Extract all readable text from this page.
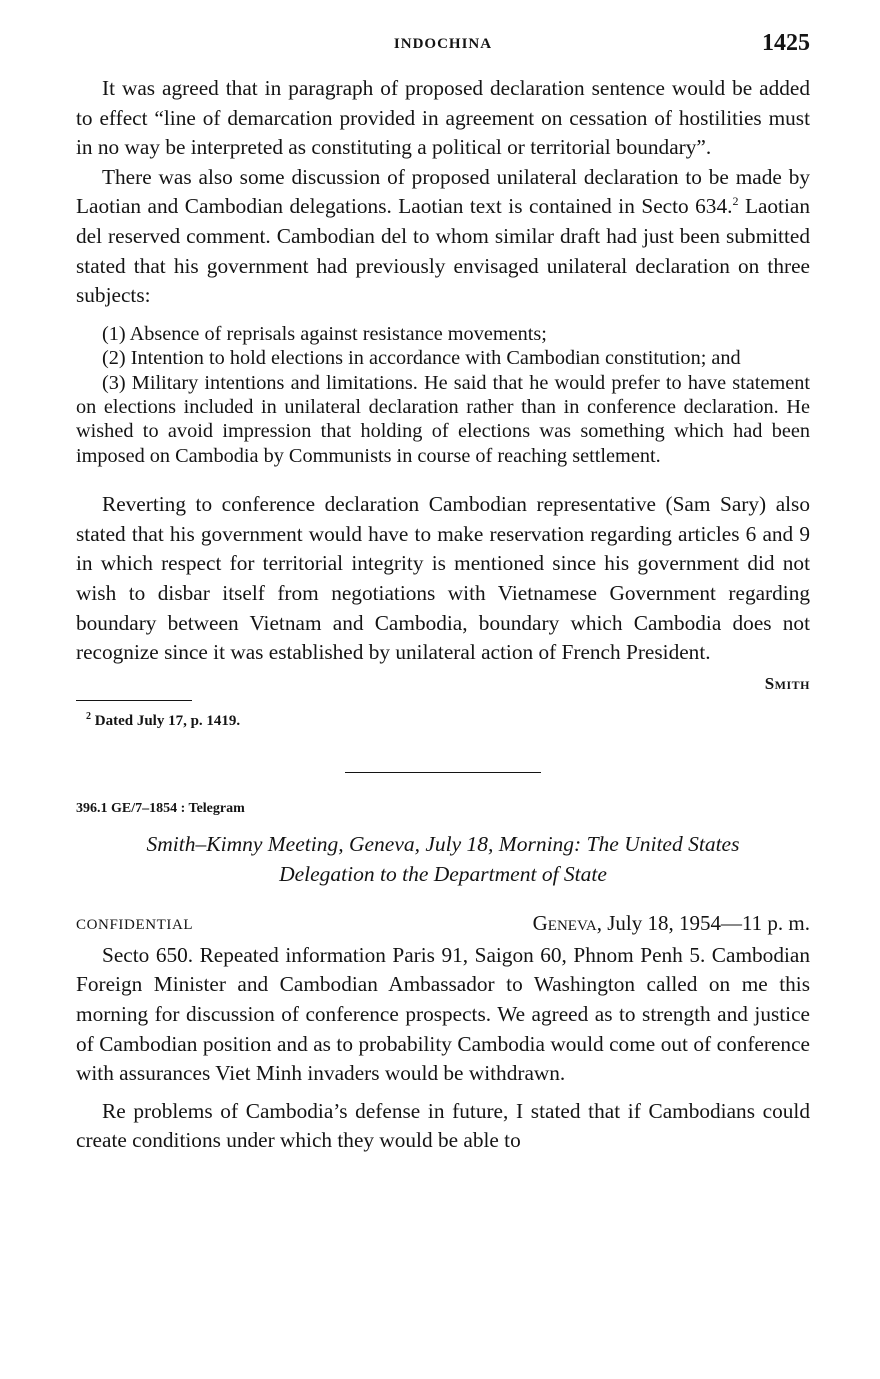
INDOCHINA	1425

It was agreed that in paragraph of proposed declaration sentence would be added to effect “line of demarcation provided in agreement on cessation of hostilities must in no way be interpreted as constituting a political or territorial boundary”.

There was also some discussion of proposed unilateral declaration to be made by Laotian and Cambodian delegations. Laotian text is contained in Secto 634.$^2$ Laotian del reserved comment. Cambodian del to whom similar draft had just been submitted stated that his government had previously envisaged unilateral declaration on three subjects:

(1) Absence of reprisals against resistance movements;

(2) Intention to hold elections in accordance with Cambodian constitution; and

(3) Military intentions and limitations. He said that he would prefer to have statement on elections included in unilateral declaration rather than in conference declaration. He wished to avoid impression that holding of elections was something which had been imposed on Cambodia by Communists in course of reaching settlement.

Reverting to conference declaration Cambodian representative (Sam Sary) also stated that his government would have to make reservation regarding articles 6 and 9 in which respect for territorial integrity is mentioned since his government did not wish to disbar itself from negotiations with Vietnamese Government regarding boundary between Vietnam and Cambodia, boundary which Cambodia does not recognize since it was established by unilateral action of French President.

Smith
$^2$ Dated July 17, p. 1419.
396.1 GE/7–1854 : Telegram
Smith–Kimny Meeting, Geneva, July 18, Morning: The United States
Delegation to the Department of State
CONFIDENTIAL	Geneva, July 18, 1954—11 p. m.

Secto 650. Repeated information Paris 91, Saigon 60, Phnom Penh 5. Cambodian Foreign Minister and Cambodian Ambassador to Washington called on me this morning for discussion of conference prospects. We agreed as to strength and justice of Cambodian position and as to probability Cambodia would come out of conference with assurances Viet Minh invaders would be withdrawn.

Re problems of Cambodia’s defense in future, I stated that if Cambodians could create conditions under which they would be able to
